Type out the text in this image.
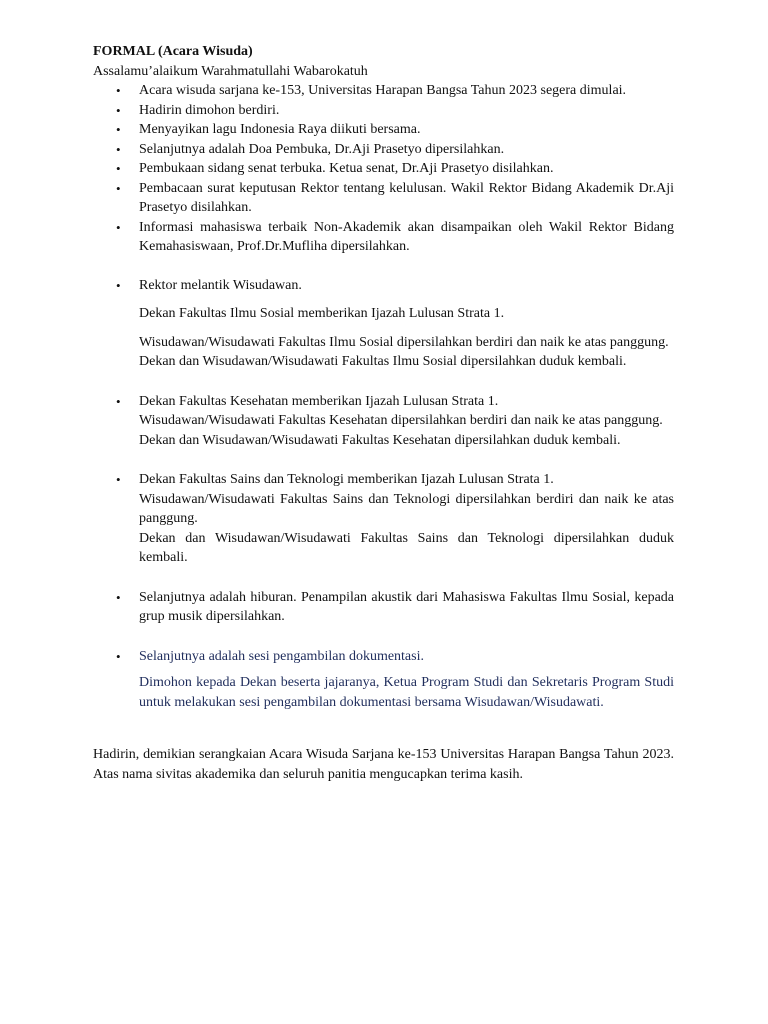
FORMAL (Acara Wisuda)

Assalamu’alaikum Warahmatullahi Wabarokatuh

• Acara wisuda sarjana ke-153, Universitas Harapan Bangsa Tahun 2023 segera dimulai.
• Hadirin dimohon berdiri.
• Menyayikan lagu Indonesia Raya diikuti bersama.
• Selanjutnya adalah Doa Pembuka, Dr.Aji Prasetyo dipersilahkan.
• Pembukaan sidang senat terbuka. Ketua senat, Dr.Aji Prasetyo disilahkan.
• Pembacaan surat keputusan Rektor tentang kelulusan. Wakil Rektor Bidang Akademik Dr.Aji Prasetyo disilahkan.
• Informasi mahasiswa terbaik Non-Akademik akan disampaikan oleh Wakil Rektor Bidang Kemahasiswaan, Prof.Dr.Mufliha dipersilahkan.
• Rektor melantik Wisudawan.

Dekan Fakultas Ilmu Sosial memberikan Ijazah Lulusan Strata 1.

Wisudawan/Wisudawati Fakultas Ilmu Sosial dipersilahkan berdiri dan naik ke atas panggung.

Dekan dan Wisudawan/Wisudawati Fakultas Ilmu Sosial dipersilahkan duduk kembali.

• Dekan Fakultas Kesehatan memberikan Ijazah Lulusan Strata 1.

Wisudawan/Wisudawati Fakultas Kesehatan dipersilahkan berdiri dan naik ke atas panggung.

Dekan dan Wisudawan/Wisudawati Fakultas Kesehatan dipersilahkan duduk kembali.

• Dekan Fakultas Sains dan Teknologi memberikan Ijazah Lulusan Strata 1.

Wisudawan/Wisudawati Fakultas Sains dan Teknologi dipersilahkan berdiri dan naik ke atas panggung.

Dekan dan Wisudawan/Wisudawati Fakultas Sains dan Teknologi dipersilahkan duduk kembali.

• Selanjutnya adalah hiburan. Penampilan akustik dari Mahasiswa Fakultas Ilmu Sosial, kepada grup musik dipersilahkan.

• Selanjutnya adalah sesi pengambilan dokumentasi.

Dimohon kepada Dekan beserta jajaranya, Ketua Program Studi dan Sekretaris Program Studi untuk melakukan sesi pengambilan dokumentasi bersama Wisudawan/Wisudawati.

Hadirin, demikian serangkaian Acara Wisuda Sarjana ke-153 Universitas Harapan Bangsa Tahun 2023. Atas nama sivitas akademika dan seluruh panitia mengucapkan terima kasih.
